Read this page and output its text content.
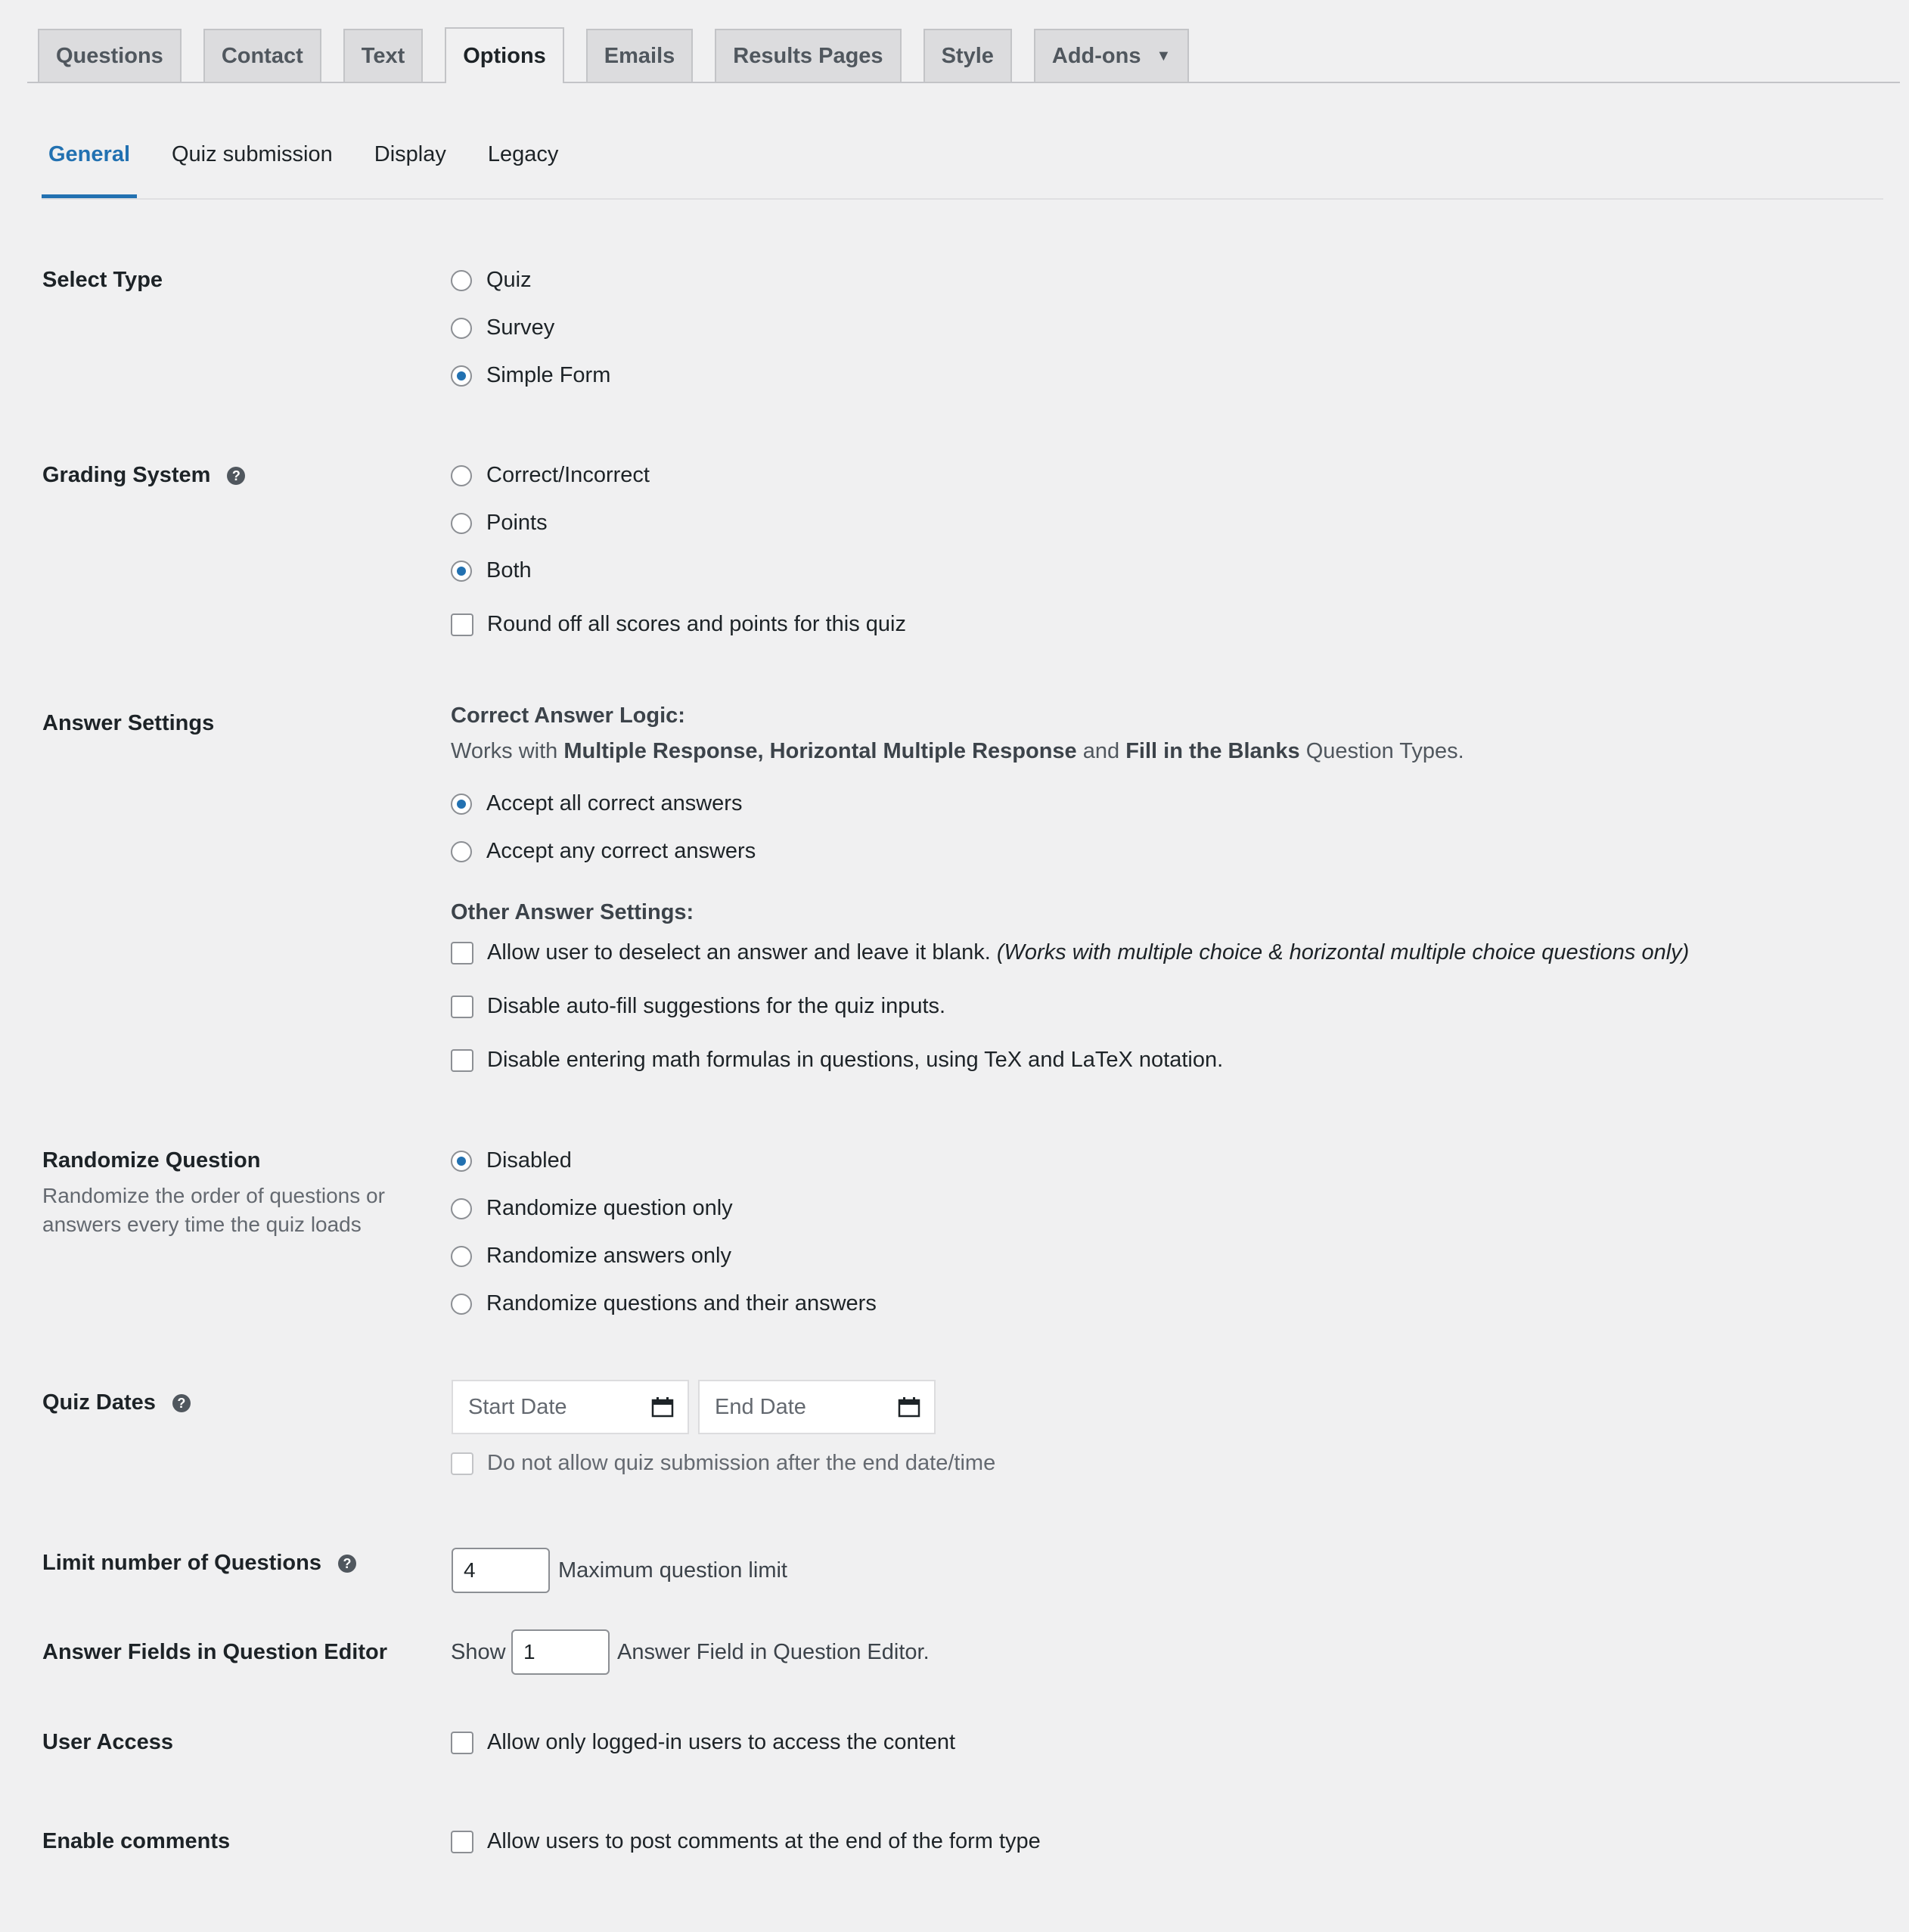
Questions	Contact	Text	Options	Emails	Results Pages	Style	Add-ons ▼
General Quiz submission Display Legacy
Select Type	Quiz
Survey
Simple Form
Grading System	?	Correct/Incorrect
Points
Both
Round off all scores and points for this quiz
Answer Settings	Correct Answer Logic:
Works with Multiple Response, Horizontal Multiple Response and Fill in the Blanks Question Types.
Accept all correct answers
Accept any correct answers
Other Answer Settings:
Allow user to deselect an answer and leave it blank.
(Works with multiple choice & horizontal multiple choice questions only)
Disable auto-fill suggestions for the quiz inputs.
Disable entering math formulas in questions, using TeX and LaTeX notation.
Randomize Question
Randomize the order of questions or
answers every time the quiz loads
Disabled
Randomize question only
Randomize answers only
Randomize questions and their answers
Quiz Dates	?	Start Date	End Date
Do not allow quiz submission after the end date/time
Limit number of Questions	?	4	Maximum question limit
Answer Fields in Question Editor	Show 1	Answer Field in Question Editor.
User Access	Allow only logged-in users to access the content
Enable comments	Allow users to post comments at the end of the form type
